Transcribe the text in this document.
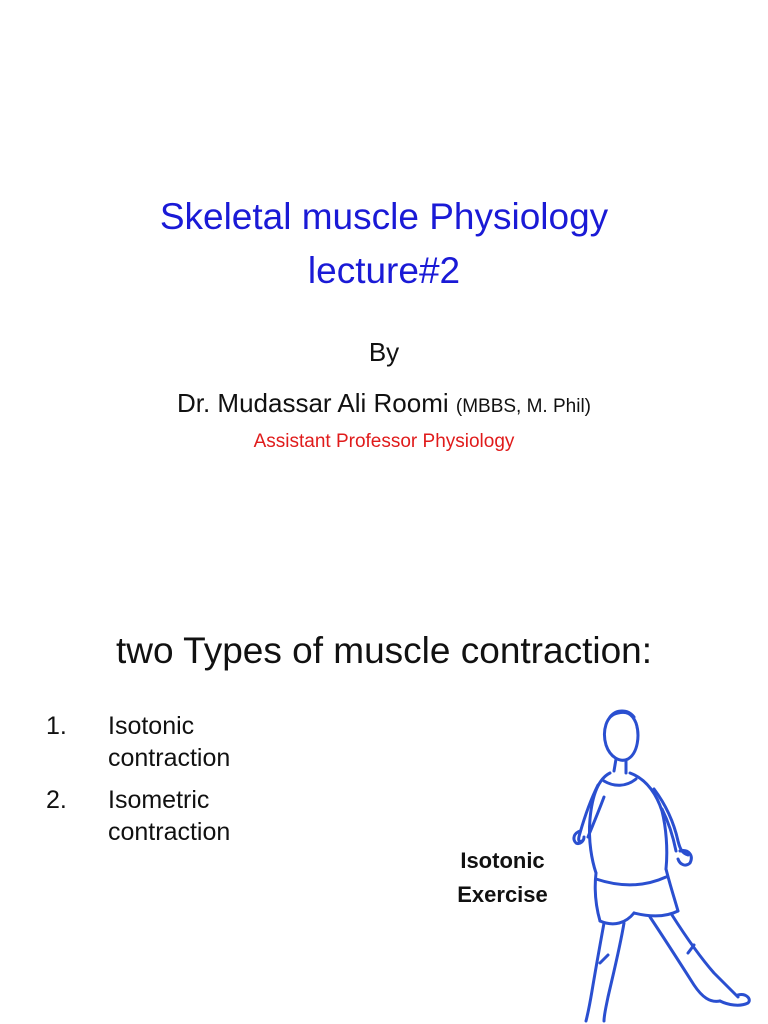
Skeletal muscle Physiology
lecture#2
By
Dr. Mudassar Ali Roomi (MBBS, M. Phil)
Assistant Professor Physiology
two Types of muscle contraction:
1. Isotonic
contraction
2. Isometric
contraction
Isotonic
Exercise
